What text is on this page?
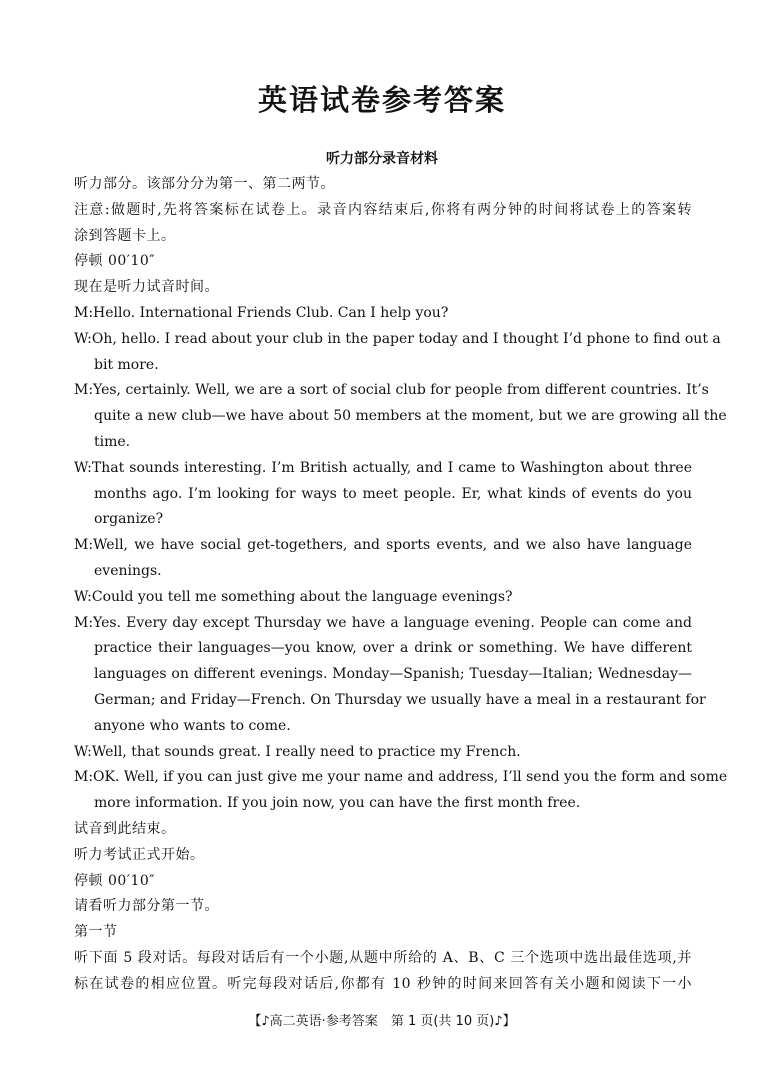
英语试卷参考答案
听力部分录音材料
听力部分。该部分分为第一、第二两节。
注意:做题时,先将答案标在试卷上。录音内容结束后,你将有两分钟的时间将试卷上的答案转
涂到答题卡上。
停顿 00′10″
现在是听力试音时间。
M:Hello. International Friends Club. Can I help you?
W:Oh, hello. I read about your club in the paper today and I thought I’d phone to find out a
bit more.
M:Yes, certainly. Well, we are a sort of social club for people from different countries. It’s
quite a new club—we have about 50 members at the moment, but we are growing all the
time.
W:That sounds interesting. I’m British actually, and I came to Washington about three
months ago. I’m looking for ways to meet people. Er, what kinds of events do you
organize?
M:Well, we have social get-togethers, and sports events, and we also have language
evenings.
W:Could you tell me something about the language evenings?
M:Yes. Every day except Thursday we have a language evening. People can come and
practice their languages—you know, over a drink or something. We have different
languages on different evenings. Monday—Spanish; Tuesday—Italian; Wednesday—
German; and Friday—French. On Thursday we usually have a meal in a restaurant for
anyone who wants to come.
W:Well, that sounds great. I really need to practice my French.
M:OK. Well, if you can just give me your name and address, I’ll send you the form and some
more information. If you join now, you can have the first month free.
试音到此结束。
听力考试正式开始。
停顿 00′10″
请看听力部分第一节。
第一节
听下面 5 段对话。每段对话后有一个小题,从题中所给的 A、B、C 三个选项中选出最佳选项,并
标在试卷的相应位置。听完每段对话后,你都有 10 秒钟的时间来回答有关小题和阅读下一小
【♪高二英语·参考答案　第 1 页(共 10 页)♪】
